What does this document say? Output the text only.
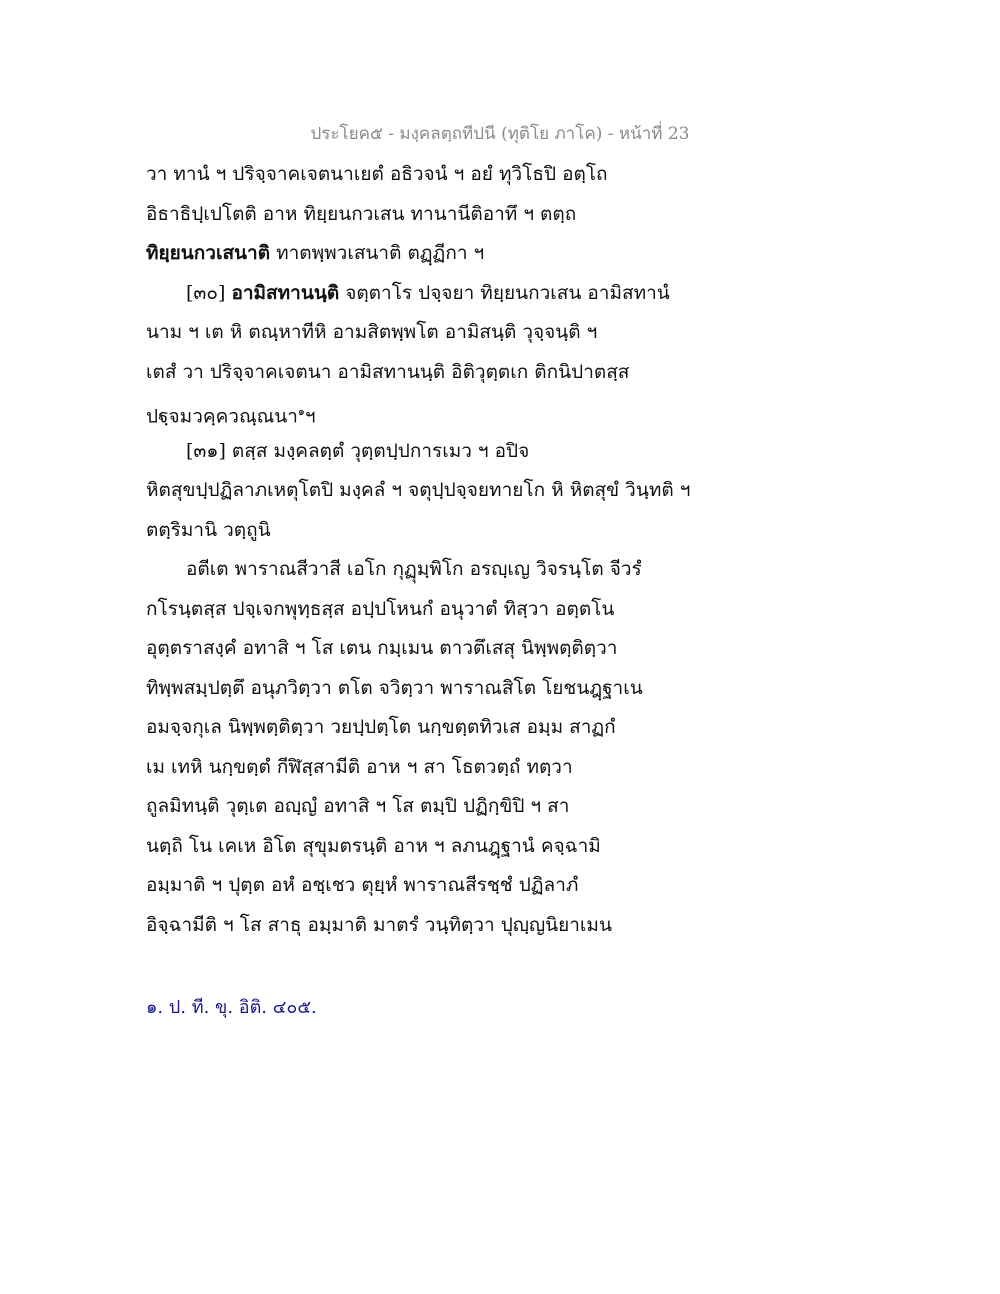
ประโยค๕ - มงฺคลตฺถทีปนี (ทุติโย ภาโค) - หน้าที่ 23
วา ทานํ ฯ ปริจฺจาคเจตนาเยตํ อธิวจนํ ฯ อยํ ทุวิโธปิ อตฺโถ
อิธาธิปฺเปโตติ อาห ทิยฺยนกวเสน ทานานีติอาทึ ฯ ตตฺถ
ทิยฺยนกวเสนาติ ทาตพฺพวเสนาติ ตฏฺฏีกา ฯ
[๓๐] อามิสทานนฺติ จตฺตาโร ปจฺจยา ทิยฺยนกวเสน อามิสทานํ
นาม ฯ เต หิ ตณฺหาทีหิ อามสิตพฺพโต อามิสนฺติ วุจฺจนฺติ ฯ
เตสํ วา ปริจฺจาคเจตนา อามิสทานนฺติ อิติวุตฺตเก ติกนิปาตสฺส
ปฐฺจมวคฺควณฺณนา$^๑$ฯ
[๓๑] ตสฺส มงฺคลตฺตํ วุตฺตปฺปการเมว ฯ อปิจ
หิตสุขปฺปฏิลาภเหตุโตปิ มงฺคลํ ฯ จตุปฺปจฺจยทายโก หิ หิตสุขํ วินฺทติ ฯ
ตตฺริมานิ วตฺถูนิ
อตีเต พาราณสีวาสี เอโก กุฏุมฺพิโก อรญฺเญ วิจรนฺโต จีวรํ
กโรนฺตสฺส ปจฺเจกพุทฺธสฺส อปฺปโหนกํ อนุวาตํ ทิสฺวา อตฺตโน
อุตฺตราสงฺคํ อทาสิ ฯ โส เตน กมฺเมน ตาวตึเสสุ นิพฺพตฺติตฺวา
ทิพฺพสมฺปตฺตึ อนุภวิตฺวา ตโต จวิตฺวา พาราณสิโต โยชนฎฺฐาเน
อมจฺจกุเล นิพฺพตฺติตฺวา วยปฺปตฺโต นกฺขตฺตทิวเส อมฺม สาฏกํ
เม เทหิ นกฺขตฺตํ กีฬิสฺสามีติ อาห ฯ สา โธตวตฺถํ ทตฺวา
ถูลมิทนฺติ วุตฺเต อญฺญํ อทาสิ ฯ โส ตมฺปิ ปฏิกฺขิปิ ฯ สา
นตฺถิ โน เคเห อิโต สุขุมตรนฺติ อาห ฯ ลภนฎฺฐานํ คจฺฉามิ
อมฺมาติ ฯ ปุตฺต อหํ อชฺเชว ตุยฺหํ พาราณสีรชฺชํ ปฏิลาภํ
อิจฺฉามีติ ฯ โส สาธุ อมฺมาติ มาตรํ วนฺทิตฺวา ปุญฺญนิยาเมน
๑. ป. ที. ขุ. อิติ. ๔๐๕.
